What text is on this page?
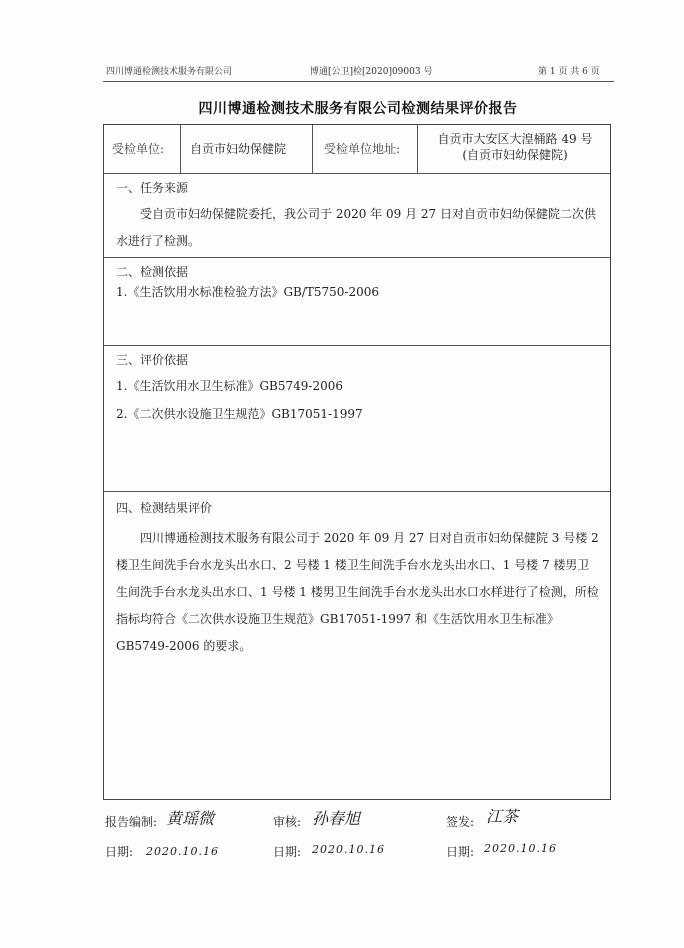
四川博通检测技术服务有限公司	博通[公卫]检[2020]09003 号	第 1 页 共 6 页
四川博通检测技术服务有限公司检测结果评价报告
受检单位: 自贡市妇幼保健院	受检单位地址:
自贡市大安区大湟桶路 49 号
(自贡市妇幼保健院)
一、任务来源
受自贡市妇幼保健院委托，我公司于 2020 年 09 月 27 日对自贡市妇幼保健院二次供水进行了检测。
二、检测依据
1.《生活饮用水标准检验方法》GB/T5750-2006
三、评价依据
1.《生活饮用水卫生标准》GB5749-2006
2.《二次供水设施卫生规范》GB17051-1997
四、检测结果评价
四川博通检测技术服务有限公司于 2020 年 09 月 27 日对自贡市妇幼保健院 3 号楼 2 楼卫生间洗手台水龙头出水口、2 号楼 1 楼卫生间洗手台水龙头出水口、1 号楼 7 楼男卫生间洗手台水龙头出水口、1 号楼 1 楼男卫生间洗手台水龙头出水口水样进行了检测，所检指标均符合《二次供水设施卫生规范》GB17051-1997 和《生活饮用水卫生标准》GB5749-2006 的要求。
报告编制: 黄瑶微	审核: 孙春旭	签发: 江茶
日期: 2020.10.16	日期: 2020.10.16	日期: 2020.10.16
